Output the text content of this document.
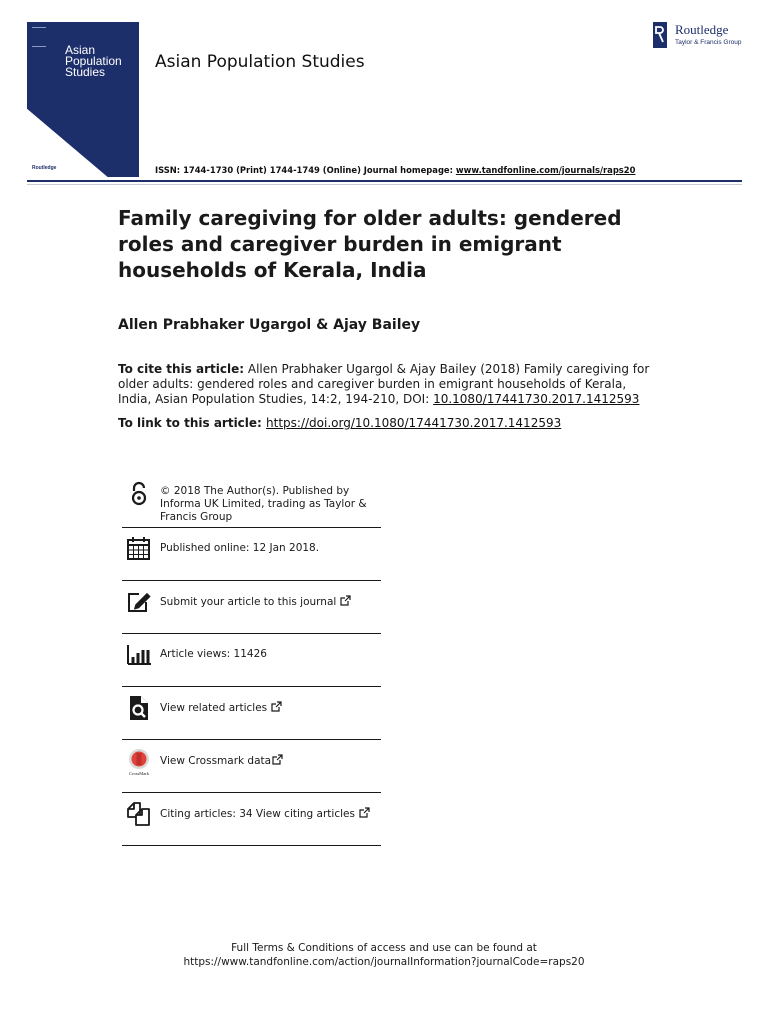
Asian
Population
Studies
Routledge
Asian Population Studies
Routledge
Taylor & Francis Group
ISSN: 1744-1730 (Print) 1744-1749 (Online) Journal homepage: www.tandfonline.com/journals/raps20
Family caregiving for older adults: gendered roles and caregiver burden in emigrant households of Kerala, India
Allen Prabhaker Ugargol & Ajay Bailey
To cite this article: Allen Prabhaker Ugargol & Ajay Bailey (2018) Family caregiving for older adults: gendered roles and caregiver burden in emigrant households of Kerala, India, Asian Population Studies, 14:2, 194-210, DOI: 10.1080/17441730.2017.1412593
To link to this article: https://doi.org/10.1080/17441730.2017.1412593
© 2018 The Author(s). Published by Informa UK Limited, trading as Taylor & Francis Group
Published online: 12 Jan 2018.
Submit your article to this journal
Article views: 11426
View related articles
CrossMark
View Crossmark data
Citing articles: 34 View citing articles
Full Terms & Conditions of access and use can be found at
https://www.tandfonline.com/action/journalInformation?journalCode=raps20
